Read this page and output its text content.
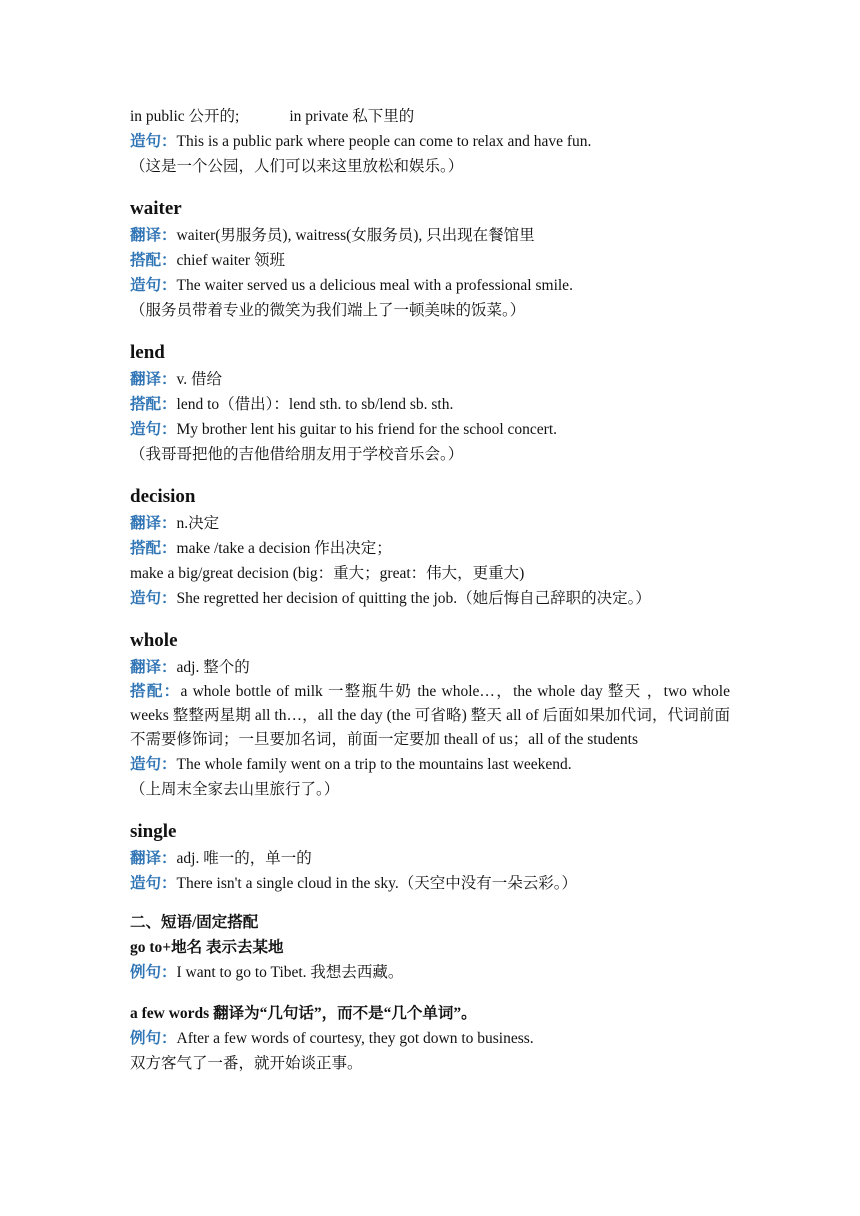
in public 公开的;	in private 私下里的
造句：This is a public park where people can come to relax and have fun.
（这是一个公园，人们可以来这里放松和娱乐。）
waiter
翻译：waiter(男服务员), waitress(女服务员), 只出现在餐馆里
搭配：chief waiter 领班
造句：The waiter served us a delicious meal with a professional smile.
（服务员带着专业的微笑为我们端上了一顿美味的饭菜。）
lend
翻译：v. 借给
搭配：lend to（借出）：lend sth. to sb/lend sb. sth.
造句：My brother lent his guitar to his friend for the school concert.
（我哥哥把他的吉他借给朋友用于学校音乐会。）
decision
翻译：n.决定
搭配：make /take a decision 作出决定；
make a big/great decision (big：重大；great：伟大，更重大)
造句：She regretted her decision of quitting the job.（她后悔自己辞职的决定。）
whole
翻译：adj. 整个的
搭配：a whole bottle of milk 一整瓶牛奶 the whole…，the whole day 整天 ，two whole weeks 整整两星期 all th…，all the day (the 可省略) 整天 all of 后面如果加代词，代词前面不需要修饰词；一旦要加名词，前面一定要加 theall of us；all of the students
造句：The whole family went on a trip to the mountains last weekend.
（上周末全家去山里旅行了。）
single
翻译：adj. 唯一的，单一的
造句：There isn't a single cloud in the sky.（天空中没有一朵云彩。）
二、短语/固定搭配
go to+地名 表示去某地
例句：I want to go to Tibet. 我想去西藏。
a few words 翻译为“几句话”，而不是“几个单词”。
例句：After a few words of courtesy, they got down to business.
双方客气了一番，就开始谈正事。
